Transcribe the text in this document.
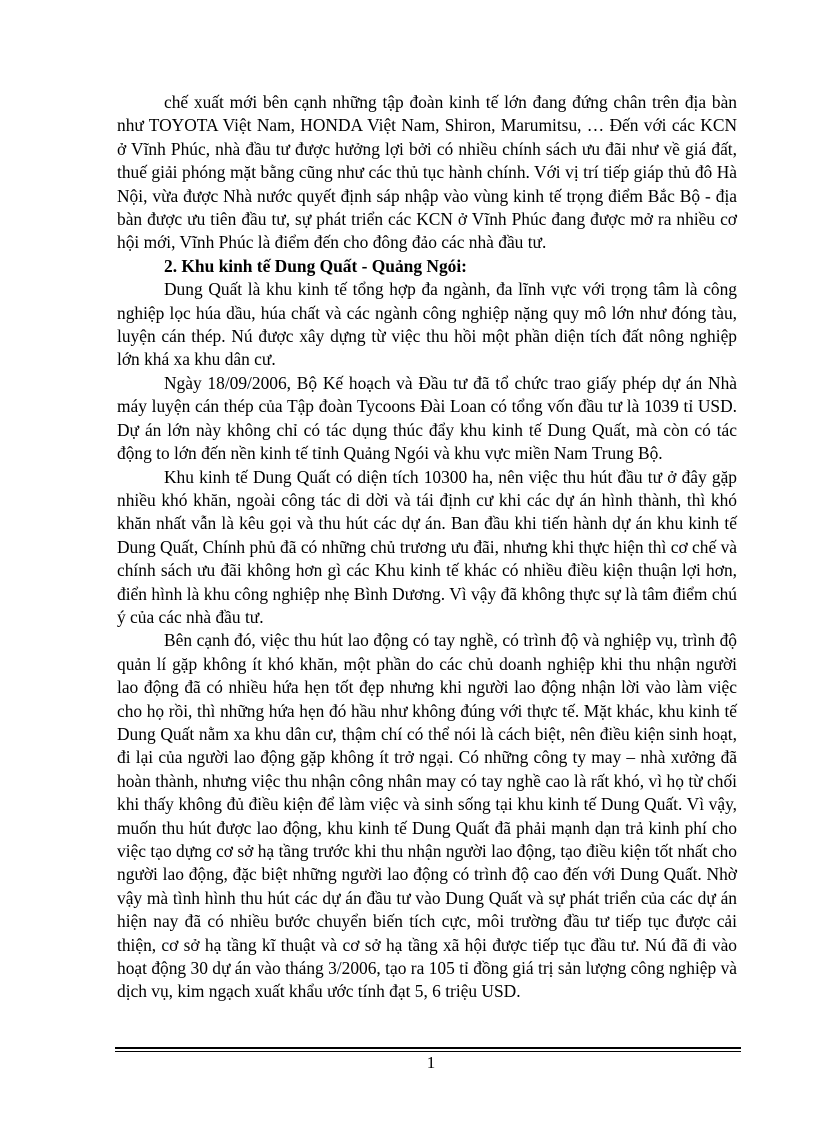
chế xuất mới bên cạnh những tập đoàn kinh tế lớn đang đứng chân trên địa bàn như TOYOTA Việt Nam, HONDA Việt Nam, Shiron, Marumitsu, … Đến với các KCN ở Vĩnh Phúc, nhà đầu tư được hưởng lợi bởi có nhiều chính sách ưu đãi như về giá đất, thuế giải phóng mặt bằng cũng như các thủ tục hành chính. Với vị trí tiếp giáp thủ đô Hà Nội, vừa được Nhà nước quyết định sáp nhập vào vùng kinh tế trọng điểm Bắc Bộ - địa bàn được ưu tiên đầu tư, sự phát triển các KCN ở Vĩnh Phúc đang được mở ra nhiều cơ hội mới, Vĩnh Phúc là điểm đến cho đông đảo các nhà đầu tư.

2. Khu kinh tế Dung Quất - Quảng Ngói:

Dung Quất là khu kinh tế tổng hợp đa ngành, đa lĩnh vực với trọng tâm là công nghiệp lọc húa dầu, húa chất và các ngành công nghiệp nặng quy mô lớn như đóng tàu, luyện cán thép. Nú được xây dựng từ việc thu hồi một phần diện tích đất nông nghiệp lớn khá xa khu dân cư.

Ngày 18/09/2006, Bộ Kế hoạch và Đầu tư đã tổ chức trao giấy phép dự án Nhà máy luyện cán thép của Tập đoàn Tycoons Đài Loan có tổng vốn đầu tư là 1039 tỉ USD. Dự án lớn này không chỉ có tác dụng thúc đẩy khu kinh tế Dung Quất, mà còn có tác động to lớn đến nền kinh tế tỉnh Quảng Ngói và khu vực miền Nam Trung Bộ.

Khu kinh tế Dung Quất có diện tích 10300 ha, nên việc thu hút đầu tư ở đây gặp nhiều khó khăn, ngoài công tác di dời và tái định cư khi các dự án hình thành, thì khó khăn nhất vẫn là kêu gọi và thu hút các dự án. Ban đầu khi tiến hành dự án khu kinh tế Dung Quất, Chính phủ đã có những chủ trương ưu đãi, nhưng khi thực hiện thì cơ chế và chính sách ưu đãi không hơn gì các Khu kinh tế khác có nhiều điều kiện thuận lợi hơn, điển hình là khu công nghiệp nhẹ Bình Dương. Vì vậy đã không thực sự là tâm điểm chú ý của các nhà đầu tư.

Bên cạnh đó, việc thu hút lao động có tay nghề, có trình độ và nghiệp vụ, trình độ quản lí gặp không ít khó khăn, một phần do các chủ doanh nghiệp khi thu nhận người lao động đã có nhiều hứa hẹn tốt đẹp nhưng khi người lao động nhận lời vào làm việc cho họ rồi, thì những hứa hẹn đó hầu như không đúng với thực tế. Mặt khác, khu kinh tế Dung Quất nằm xa khu dân cư, thậm chí có thể nói là cách biệt, nên điều kiện sinh hoạt, đi lại của người lao động gặp không ít trở ngại. Có những công ty may – nhà xưởng đã hoàn thành, nhưng việc thu nhận công nhân may có tay nghề cao là rất khó, vì họ từ chối khi thấy không đủ điều kiện để làm việc và sinh sống tại khu kinh tế Dung Quất. Vì vậy, muốn thu hút được lao động, khu kinh tế Dung Quất đã phải mạnh dạn trả kinh phí cho việc tạo dựng cơ sở hạ tầng trước khi thu nhận người lao động, tạo điều kiện tốt nhất cho người lao động, đặc biệt những người lao động có trình độ cao đến với Dung Quất. Nhờ vậy mà tình hình thu hút các dự án đầu tư vào Dung Quất và sự phát triển của các dự án hiện nay đã có nhiều bước chuyển biến tích cực, môi trường đầu tư tiếp tục được cải thiện, cơ sở hạ tầng kĩ thuật và cơ sở hạ tầng xã hội được tiếp tục đầu tư. Nú đã đi vào hoạt động 30 dự án vào tháng 3/2006, tạo ra 105 tỉ đồng giá trị sản lượng công nghiệp và dịch vụ, kim ngạch xuất khẩu ước tính đạt 5, 6 triệu USD.

1
